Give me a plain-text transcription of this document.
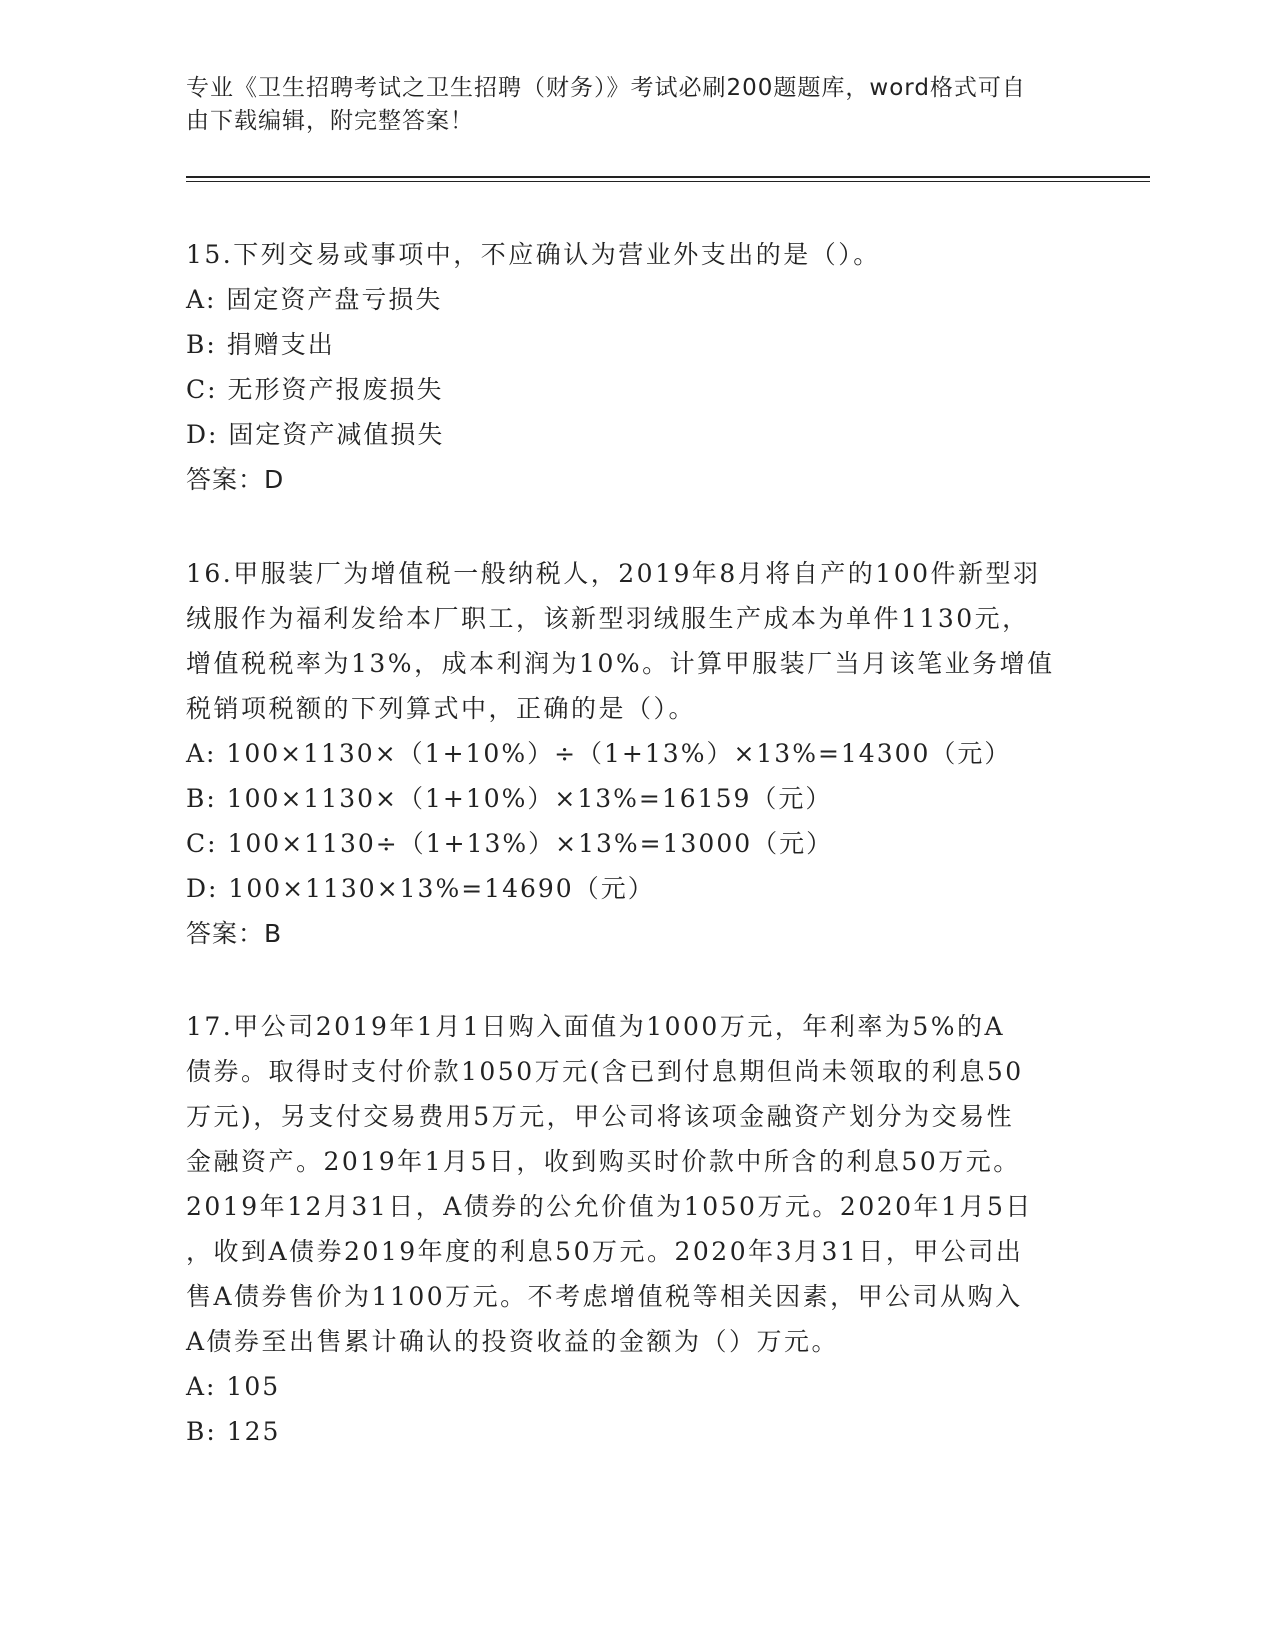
专业《卫生招聘考试之卫生招聘（财务）》考试必刷200题题库，word格式可自

由下载编辑，附完整答案！

15.下列交易或事项中，不应确认为营业外支出的是（）。

A: 固定资产盘亏损失

B: 捐赠支出

C: 无形资产报废损失

D: 固定资产减值损失

答案：D

16.甲服装厂为增值税一般纳税人，2019年8月将自产的100件新型羽

绒服作为福利发给本厂职工，该新型羽绒服生产成本为单件1130元，

增值税税率为13%，成本利润为10%。计算甲服装厂当月该笔业务增值

税销项税额的下列算式中，正确的是（）。

A: 100×1130×（1+10%）÷（1+13%）×13%=14300（元）

B: 100×1130×（1+10%）×13%=16159（元）

C: 100×1130÷（1+13%）×13%=13000（元）

D: 100×1130×13%=14690（元）

答案：B

17.甲公司2019年1月1日购入面值为1000万元，年利率为5%的A

债券。取得时支付价款1050万元(含已到付息期但尚未领取的利息50

万元)，另支付交易费用5万元，甲公司将该项金融资产划分为交易性

金融资产。2019年1月5日，收到购买时价款中所含的利息50万元。

2019年12月31日，A债券的公允价值为1050万元。2020年1月5日

，收到A债券2019年度的利息50万元。2020年3月31日，甲公司出

售A债券售价为1100万元。不考虑增值税等相关因素，甲公司从购入

A债券至出售累计确认的投资收益的金额为（）万元。

A: 105

B: 125
